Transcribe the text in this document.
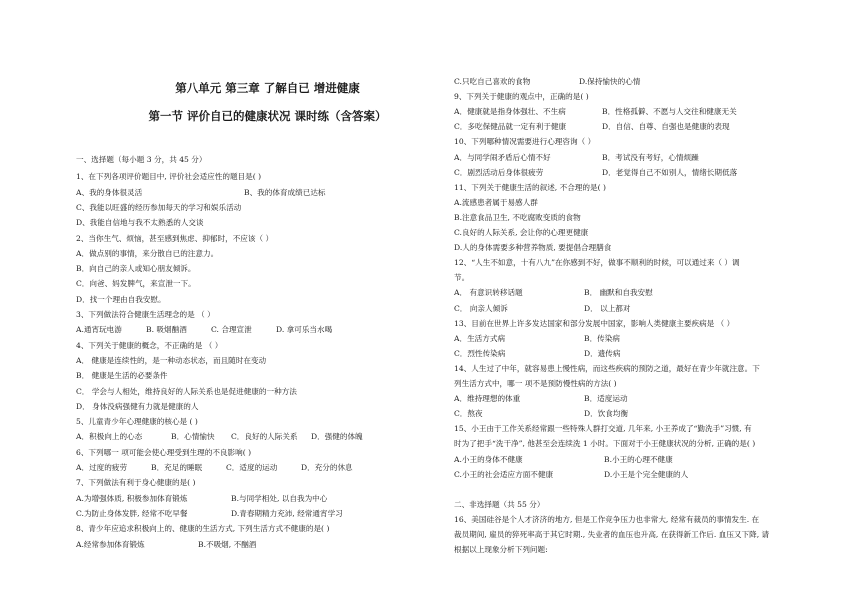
第八单元 第三章 了解自已 增进健康
第一节 评价自已的健康状况 课时练（含答案）
一、选择题（每小题 3 分，共 45 分）
1、在下列各项评价题目中, 评价社会适应性的题目是( )
A、我的身体很灵活	B、我的体育成绩已达标
C、我能以旺盛的经历参加每天的学习和娱乐活动
D、我能自信地与我不太熟悉的人交谈
2、当你生气、烦恼，甚至感到焦虑、抑郁时，不应该（ ）
A．做点别的事情，来分散自已的注意力。
B．向自己的亲人或知心朋友倾诉。
C．向爸、妈发脾气，来宣泄一下。
D．找一个理由自我安慰。
3、下列做法符合健康生活理念的是 （ ）
A.通宵玩电游	B. 吸烟酗酒	C. 合理宣泄	D. 拿可乐当水喝
4、下列关于健康的概念，不正确的是 （ ）
A． 健康是连续性的，是一种动态状态，而且随时在变动
B． 健康是生活的必要条件
C． 学会与人相处，维持良好的人际关系也是促进健康的一种方法
D． 身体没病强健有力就是健康的人
5、儿童青少年心理健康的核心是 ( )
A．积极向上的心态	B．心情愉快 C．良好的人际关系 D．强健的体魄
6、下列哪一 项可能会使心理受到生理的不良影响( )
A．过度的疲劳	B．充足的睡眠	C．适度的运动	D．充分的休息
7、下列做法有利于身心健康的是( )
A.为增强体质, 积极参加体育锻炼	B.与同学相处, 以自我为中心
C.为防止身体发胖, 经常不吃早餐	D.青春期精力充沛, 经常通宵学习
8、青少年应追求积极向上的、健康的生活方式, 下列生活方式不健康的是( )
A.经常参加体育锻炼	B.不吸烟, 不酗酒
C.只吃自己喜欢的食物	D.保持愉快的心情
9、下列关于健康的观点中，正确的是( )
A．健康就是指身体强壮、不生病	B．性格孤僻、不愿与人交往和健康无关
C．多吃保健品就一定有利于健康	D．自信、自尊、自强也是健康的表现
10、下列哪种情况需要进行心理咨询（ ）
A．与同学闹矛盾后心情不好	B．考试没有考好，心情烦躁
C．剧烈活动后身体很疲劳	D．老觉得自己不如别人，情绪长期低落
11、下列关于健康生活的叙述, 不合理的是( )
A.流感患者属于易感人群
B.注意食品卫生, 不吃腐败变质的食物
C.良好的人际关系, 会让你的心理更健康
D.人的身体需要多种营养物质, 要提倡合理膳食
12、“人生不如意，十有八九”在你感到不好，做事不顺利的时候，可以通过来（ ）调
节。
A． 有意识转移话题	B． 幽默和自我安慰
C． 向亲人倾诉	D． 以上都对
13、目前在世界上许多发达国家和部分发展中国家，影响人类健康主要疾病是 （ ）
A．生活方式病	B．传染病
C．烈性传染病	D．遗传病
14、人生过了中年，就容易患上慢性病，而这些疾病的预防之道，最好在青少年就注意。下
列生活方式中，哪一 项不是预防慢性病的方法( )
A．维持理想的体重	B．适度运动
C．熬夜	D．饮食均衡
15、小王由于工作关系经常跟一些特殊人群打交道, 几年来, 小王养成了“勤洗手”习惯, 有
时为了把手“洗干净”, 他甚至会连续洗 1 小时。下面对于小王健康状况的分析, 正确的是( )
A.小王的身体不健康	B.小王的心理不健康
C.小王的社会适应方面不健康	D.小王是个完全健康的人
二、非选择题（共 55 分）
16、美国硅谷是个人才济济的地方, 但是工作竞争压力也非常大, 经常有裁员的事情发生. 在
裁员期间, 雇员的猝死率高于其它时期., 失业者的血压也升高, 在获得新工作后. 血压又下降, 请
根据以上现象分析下列问题:
